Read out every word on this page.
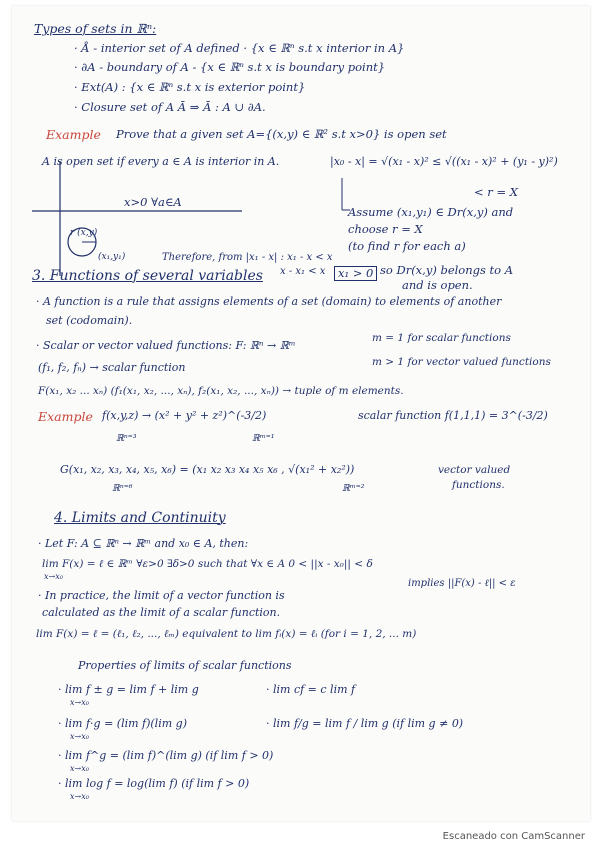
Types of sets in ℝⁿ:
· Å - interior set of A defined · {x ∈ ℝⁿ s.t x interior in A}
· ∂A - boundary of A - {x ∈ ℝⁿ s.t x is boundary point}
· Ext(A) : {x ∈ ℝⁿ s.t x is exterior point}
· Closure set of A Ā ⇒ Ā : A ∪ ∂A.
Example Prove that a given set A={(x,y) ∈ ℝ² s.t x>0} is open set
A is open set if every a ∈ A is interior in A.	|x₀ - x| = √(x₁ - x)² ≤ √((x₁ - x)² + (y₁ - y)²)
< r = X
x>0 ∀a∈A
r (x,y)
(x₁,y₁)
Assume (x₁,y₁) ∈ Dr(x,y) and
choose r = X
(to find r for each a)
Therefore, from |x₁ - x| : x₁ - x < x
x - x₁ < x	x₁ > 0 so Dr(x,y) belongs to A
and is open.
3. Functions of several variables
· A function is a rule that assigns elements of a set (domain) to elements of another
set (codomain).
· Scalar or vector valued functions: F: ℝⁿ → ℝᵐ
m = 1 for scalar functions
m > 1 for vector valued functions
(f₁, f₂, fₙ) → scalar function
F(x₁, x₂ ... xₙ) (f₁(x₁, x₂, ..., xₙ), f₂(x₁, x₂, ..., xₙ)) → tuple of m elements.
Example f(x,y,z) → (x² + y² + z²)^(-3/2)	scalar function f(1,1,1) = 3^(-3/2)
ℝⁿ⁼³	ℝᵐ⁼¹
G(x₁, x₂, x₃, x₄, x₅, x₆) = (x₁ x₂ x₃ x₄ x₅ x₆ , √(x₁² + x₂²))
ℝⁿ⁼⁶	ℝᵐ⁼²
vector valued
functions.
4. Limits and Continuity
· Let F: A ⊆ ℝⁿ → ℝᵐ and x₀ ∈ A, then:
lim F(x) = ℓ ∈ ℝᵐ ∀ε>0 ∃δ>0 such that ∀x ∈ A 0 < ||x - x₀|| < δ
x→x₀
implies ||F(x) - ℓ|| < ε
· In practice, the limit of a vector function is
calculated as the limit of a scalar function.
lim F(x) = ℓ = (ℓ₁, ℓ₂, ..., ℓₘ) equivalent to lim fᵢ(x) = ℓᵢ (for i = 1, 2, ... m)
Properties of limits of scalar functions
· lim f ± g = lim f + lim g	· lim cf = c lim f
x→x₀
· lim f·g = (lim f)(lim g)	· lim f/g = lim f / lim g (if lim g ≠ 0)
x→x₀
· lim f^g = (lim f)^(lim g) (if lim f > 0)
x→x₀
· lim log f = log(lim f) (if lim f > 0)
x→x₀
Escaneado con CamScanner
